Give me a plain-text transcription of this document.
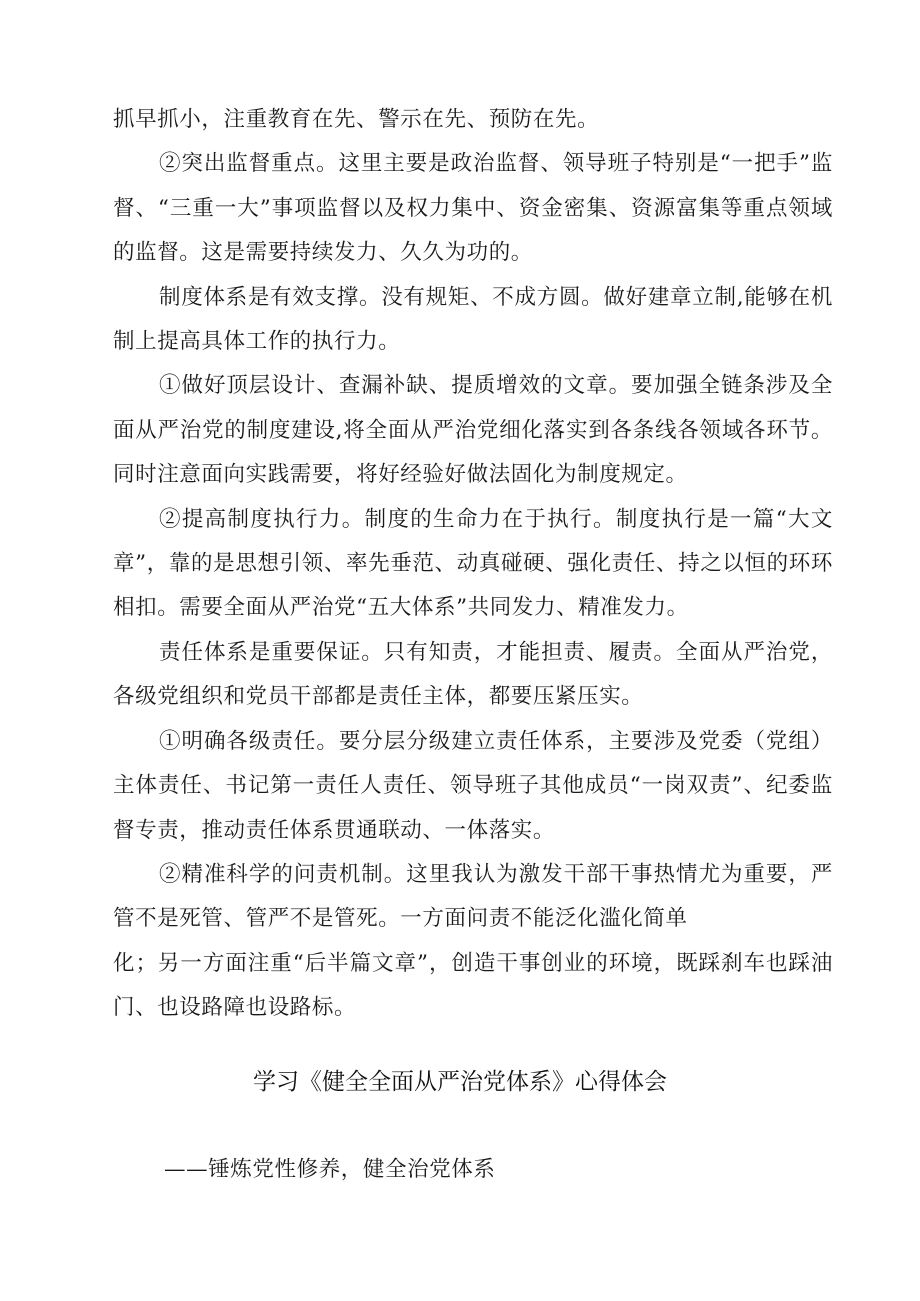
抓早抓小，注重教育在先、警示在先、预防在先。

②突出监督重点。这里主要是政治监督、领导班子特别是“一把手”监督、“三重一大”事项监督以及权力集中、资金密集、资源富集等重点领域的监督。这是需要持续发力、久久为功的。

制度体系是有效支撑。没有规矩、不成方圆。做好建章立制,能够在机制上提高具体工作的执行力。

①做好顶层设计、查漏补缺、提质增效的文章。要加强全链条涉及全面从严治党的制度建设,将全面从严治党细化落实到各条线各领域各环节。同时注意面向实践需要，将好经验好做法固化为制度规定。

②提高制度执行力。制度的生命力在于执行。制度执行是一篇“大文章”，靠的是思想引领、率先垂范、动真碰硬、强化责任、持之以恒的环环相扣。需要全面从严治党“五大体系”共同发力、精准发力。

责任体系是重要保证。只有知责，才能担责、履责。全面从严治党，各级党组织和党员干部都是责任主体，都要压紧压实。

①明确各级责任。要分层分级建立责任体系，主要涉及党委（党组）主体责任、书记第一责任人责任、领导班子其他成员“一岗双责”、纪委监督专责，推动责任体系贯通联动、一体落实。

②精准科学的问责机制。这里我认为激发干部干事热情尤为重要，严管不是死管、管严不是管死。一方面问责不能泛化滥化简单

化；另一方面注重“后半篇文章”，创造干事创业的环境，既踩刹车也踩油门、也设路障也设路标。

学习《健全全面从严治党体系》心得体会

——锤炼党性修养，健全治党体系
